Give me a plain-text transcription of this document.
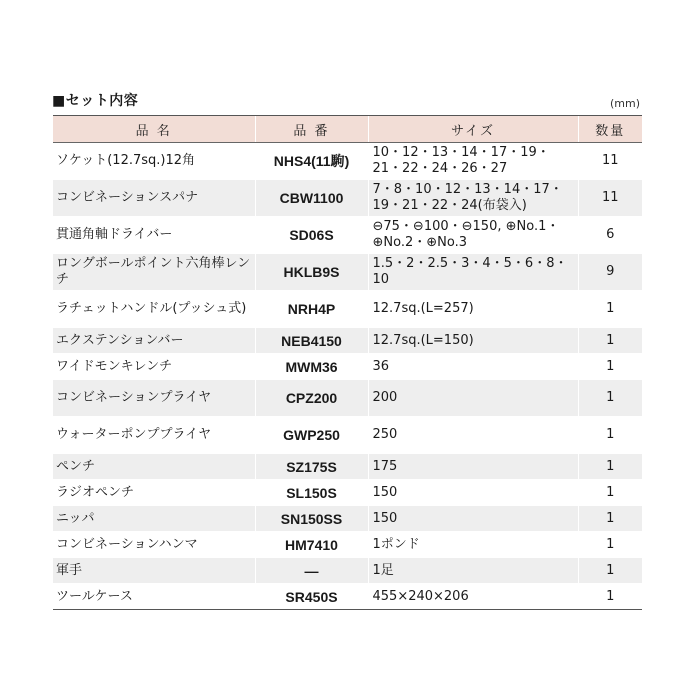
■セット内容	(mm)
品 名	品 番	サイズ	数量
ソケット(12.7sq.)12角	NHS4(11駒)	10・12・13・14・17・19・21・22・24・26・27	11
コンビネーションスパナ	CBW1100	7・8・10・12・13・14・17・19・21・22・24(布袋入)	11
貫通角軸ドライバー	SD06S	⊖75・⊖100・⊖150, ⊕No.1・⊕No.2・⊕No.3	6
ロングボールポイント六角棒レンチ	HKLB9S	1.5・2・2.5・3・4・5・6・8・10	9
ラチェットハンドル(プッシュ式)	NRH4P	12.7sq.(L=257)	1
エクステンションバー	NEB4150	12.7sq.(L=150)	1
ワイドモンキレンチ	MWM36	36	1
コンビネーションプライヤ	CPZ200	200	1
ウォーターポンププライヤ	GWP250	250	1
ペンチ	SZ175S	175	1
ラジオペンチ	SL150S	150	1
ニッパ	SN150SS	150	1
コンビネーションハンマ	HM7410	1ポンド	1
軍手	—	1足	1
ツールケース	SR450S	455×240×206	1
